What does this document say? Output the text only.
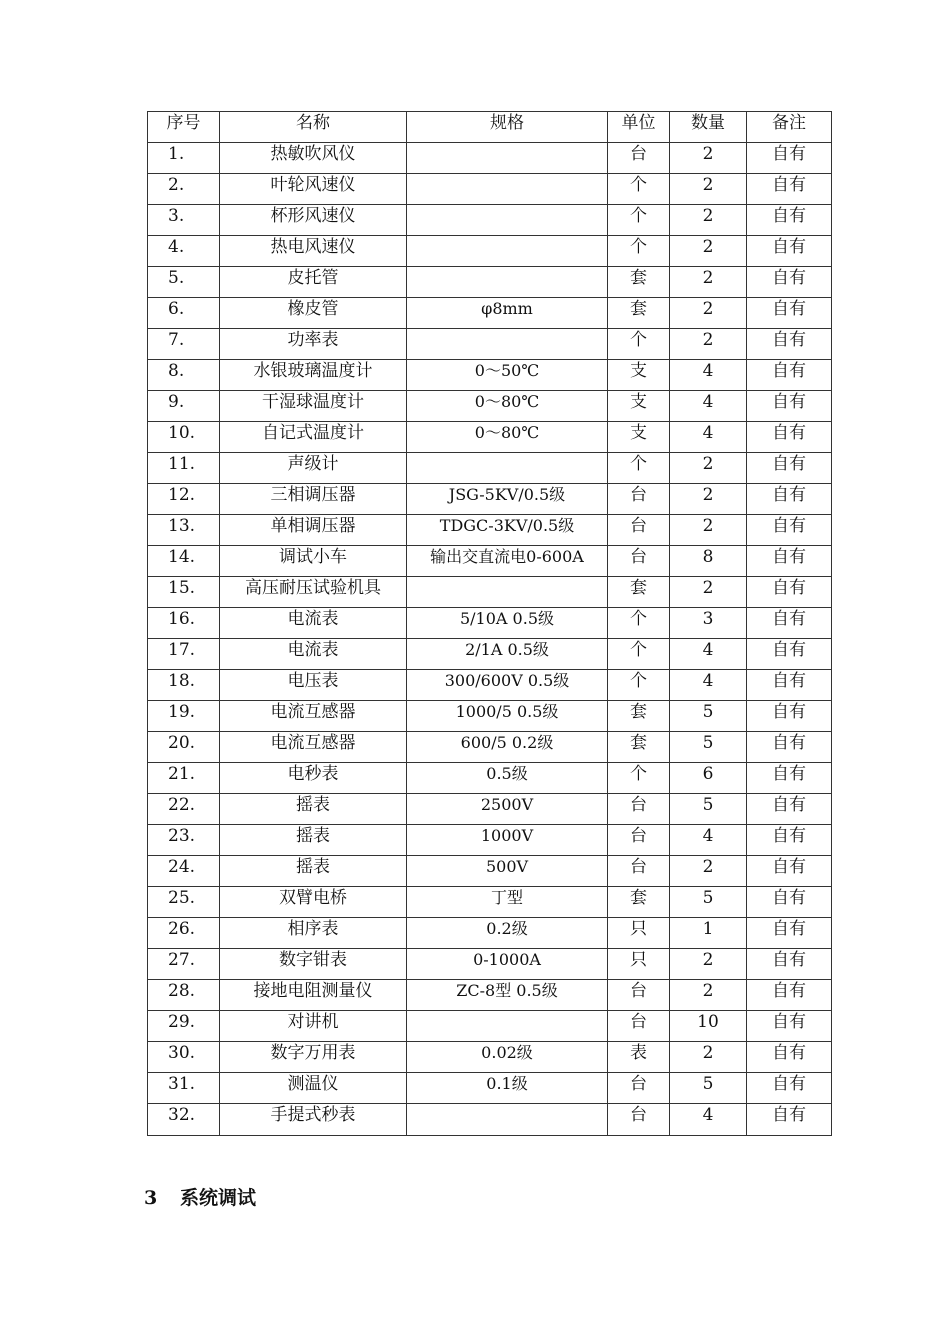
序号	名称	规格	单位	数量	备注
1.	热敏吹风仪		台	2	自有
2.	叶轮风速仪		个	2	自有
3.	杯形风速仪		个	2	自有
4.	热电风速仪		个	2	自有
5.	皮托管		套	2	自有
6.	橡皮管	φ8mm	套	2	自有
7.	功率表		个	2	自有
8.	水银玻璃温度计	0～50℃	支	4	自有
9.	干湿球温度计	0～80℃	支	4	自有
10.	自记式温度计	0～80℃	支	4	自有
11.	声级计		个	2	自有
12.	三相调压器	JSG-5KV/0.5级	台	2	自有
13.	单相调压器	TDGC-3KV/0.5级	台	2	自有
14.	调试小车	输出交直流电0-600A	台	8	自有
15.	高压耐压试验机具		套	2	自有
16.	电流表	5/10A 0.5级	个	3	自有
17.	电流表	2/1A 0.5级	个	4	自有
18.	电压表	300/600V 0.5级	个	4	自有
19.	电流互感器	1000/5 0.5级	套	5	自有
20.	电流互感器	600/5 0.2级	套	5	自有
21.	电秒表	0.5级	个	6	自有
22.	摇表	2500V	台	5	自有
23.	摇表	1000V	台	4	自有
24.	摇表	500V	台	2	自有
25.	双臂电桥	丁型	套	5	自有
26.	相序表	0.2级	只	1	自有
27.	数字钳表	0-1000A	只	2	自有
28.	接地电阻测量仪	ZC-8型 0.5级	台	2	自有
29.	对讲机		台	10	自有
30.	数字万用表	0.02级	表	2	自有
31.	测温仪	0.1级	台	5	自有
32.	手提式秒表		台	4	自有
3 系统调试
